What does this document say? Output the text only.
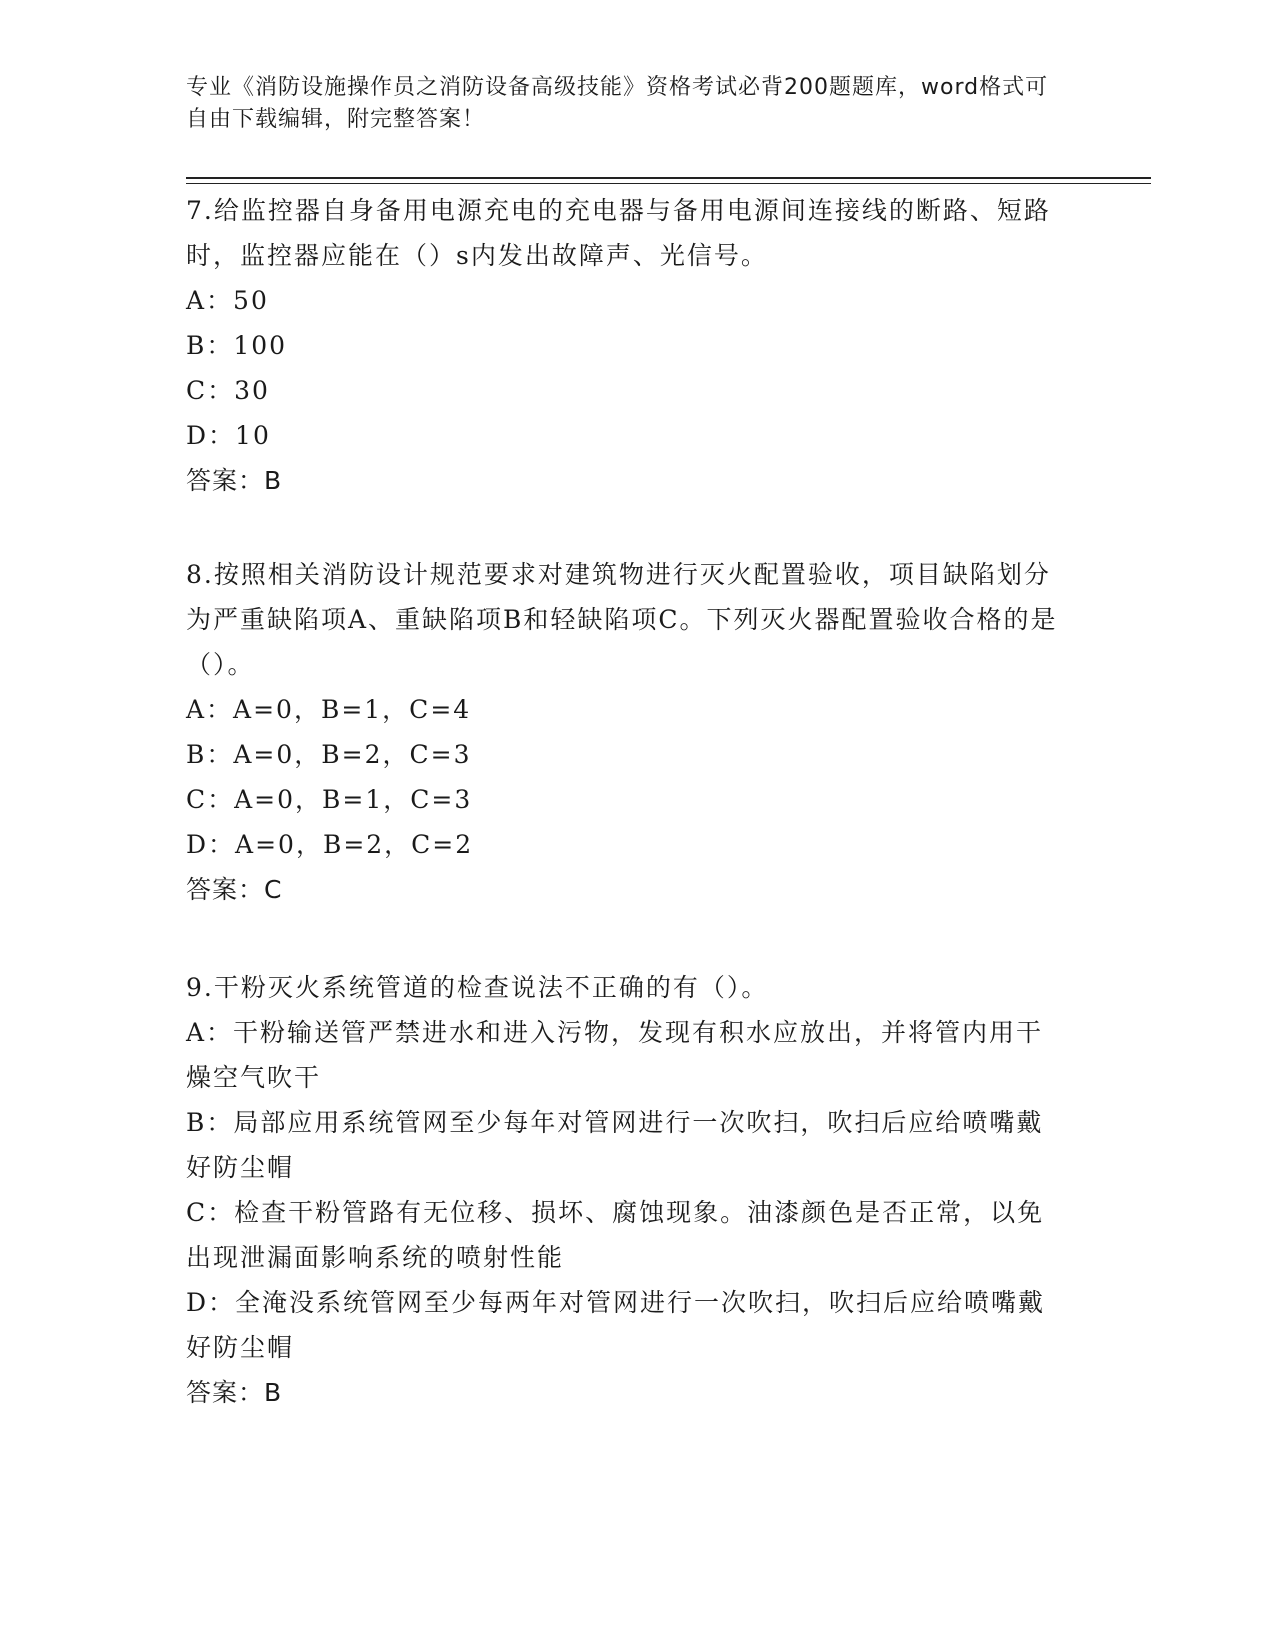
专业《消防设施操作员之消防设备高级技能》资格考试必背200题题库，word格式可自由下载编辑，附完整答案！
7.给监控器自身备用电源充电的充电器与备用电源间连接线的断路、短路时，监控器应能在（）s内发出故障声、光信号。
A：50
B：100
C：30
D：10
答案：B
8.按照相关消防设计规范要求对建筑物进行灭火配置验收，项目缺陷划分为严重缺陷项A、重缺陷项B和轻缺陷项C。下列灭火器配置验收合格的是（）。
A：A=0，B=1，C=4
B：A=0，B=2，C=3
C：A=0，B=1，C=3
D：A=0，B=2，C=2
答案：C
9.干粉灭火系统管道的检查说法不正确的有（）。
A：干粉输送管严禁进水和进入污物，发现有积水应放出，并将管内用干燥空气吹干
B：局部应用系统管网至少每年对管网进行一次吹扫，吹扫后应给喷嘴戴好防尘帽
C：检查干粉管路有无位移、损坏、腐蚀现象。油漆颜色是否正常，以免出现泄漏面影响系统的喷射性能
D：全淹没系统管网至少每两年对管网进行一次吹扫，吹扫后应给喷嘴戴好防尘帽
答案：B
